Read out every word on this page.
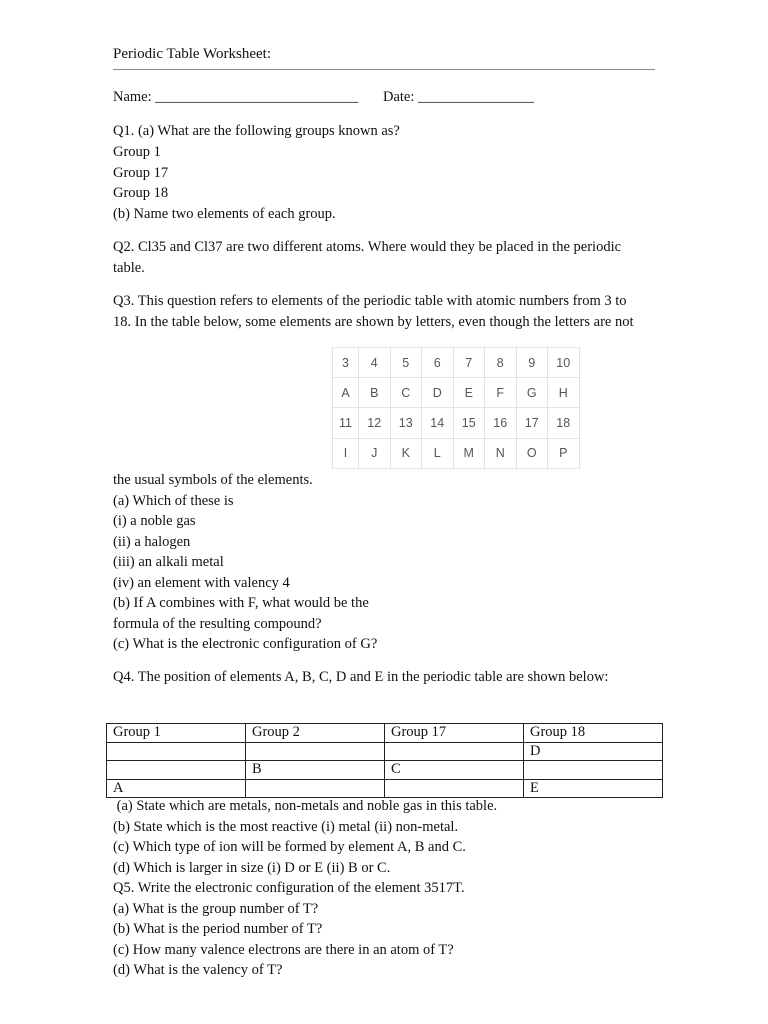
Periodic Table Worksheet:
Name: ____________________________ Date: ________________
Q1. (a) What are the following groups known as?
Group 1
Group 17
Group 18
(b) Name two elements of each group.
Q2. Cl35 and Cl37 are two different atoms. Where would they be placed in the periodic
table.
Q3. This question refers to elements of the periodic table with atomic numbers from 3 to
18. In the table below, some elements are shown by letters, even though the letters are not
3	4	5	6	7	8	9	10
A	B	C	D	E	F	G	H
11	12	13	14	15	16	17	18
I	J	K	L	M	N	O	P
the usual symbols of the elements.
(a) Which of these is
(i) a noble gas
(ii) a halogen
(iii) an alkali metal
(iv) an element with valency 4
(b) If A combines with F, what would be the
formula of the resulting compound?
(c) What is the electronic configuration of G?
Q4. The position of elements A, B, C, D and E in the periodic table are shown below:
Group 1	Group 2	Group 17	Group 18
			D
	B	C	
A			E
(a) State which are metals, non-metals and noble gas in this table.
(b) State which is the most reactive (i) metal (ii) non-metal.
(c) Which type of ion will be formed by element A, B and C.
(d) Which is larger in size (i) D or E (ii) B or C.
Q5. Write the electronic configuration of the element 3517T.
(a) What is the group number of T?
(b) What is the period number of T?
(c) How many valence electrons are there in an atom of T?
(d) What is the valency of T?
